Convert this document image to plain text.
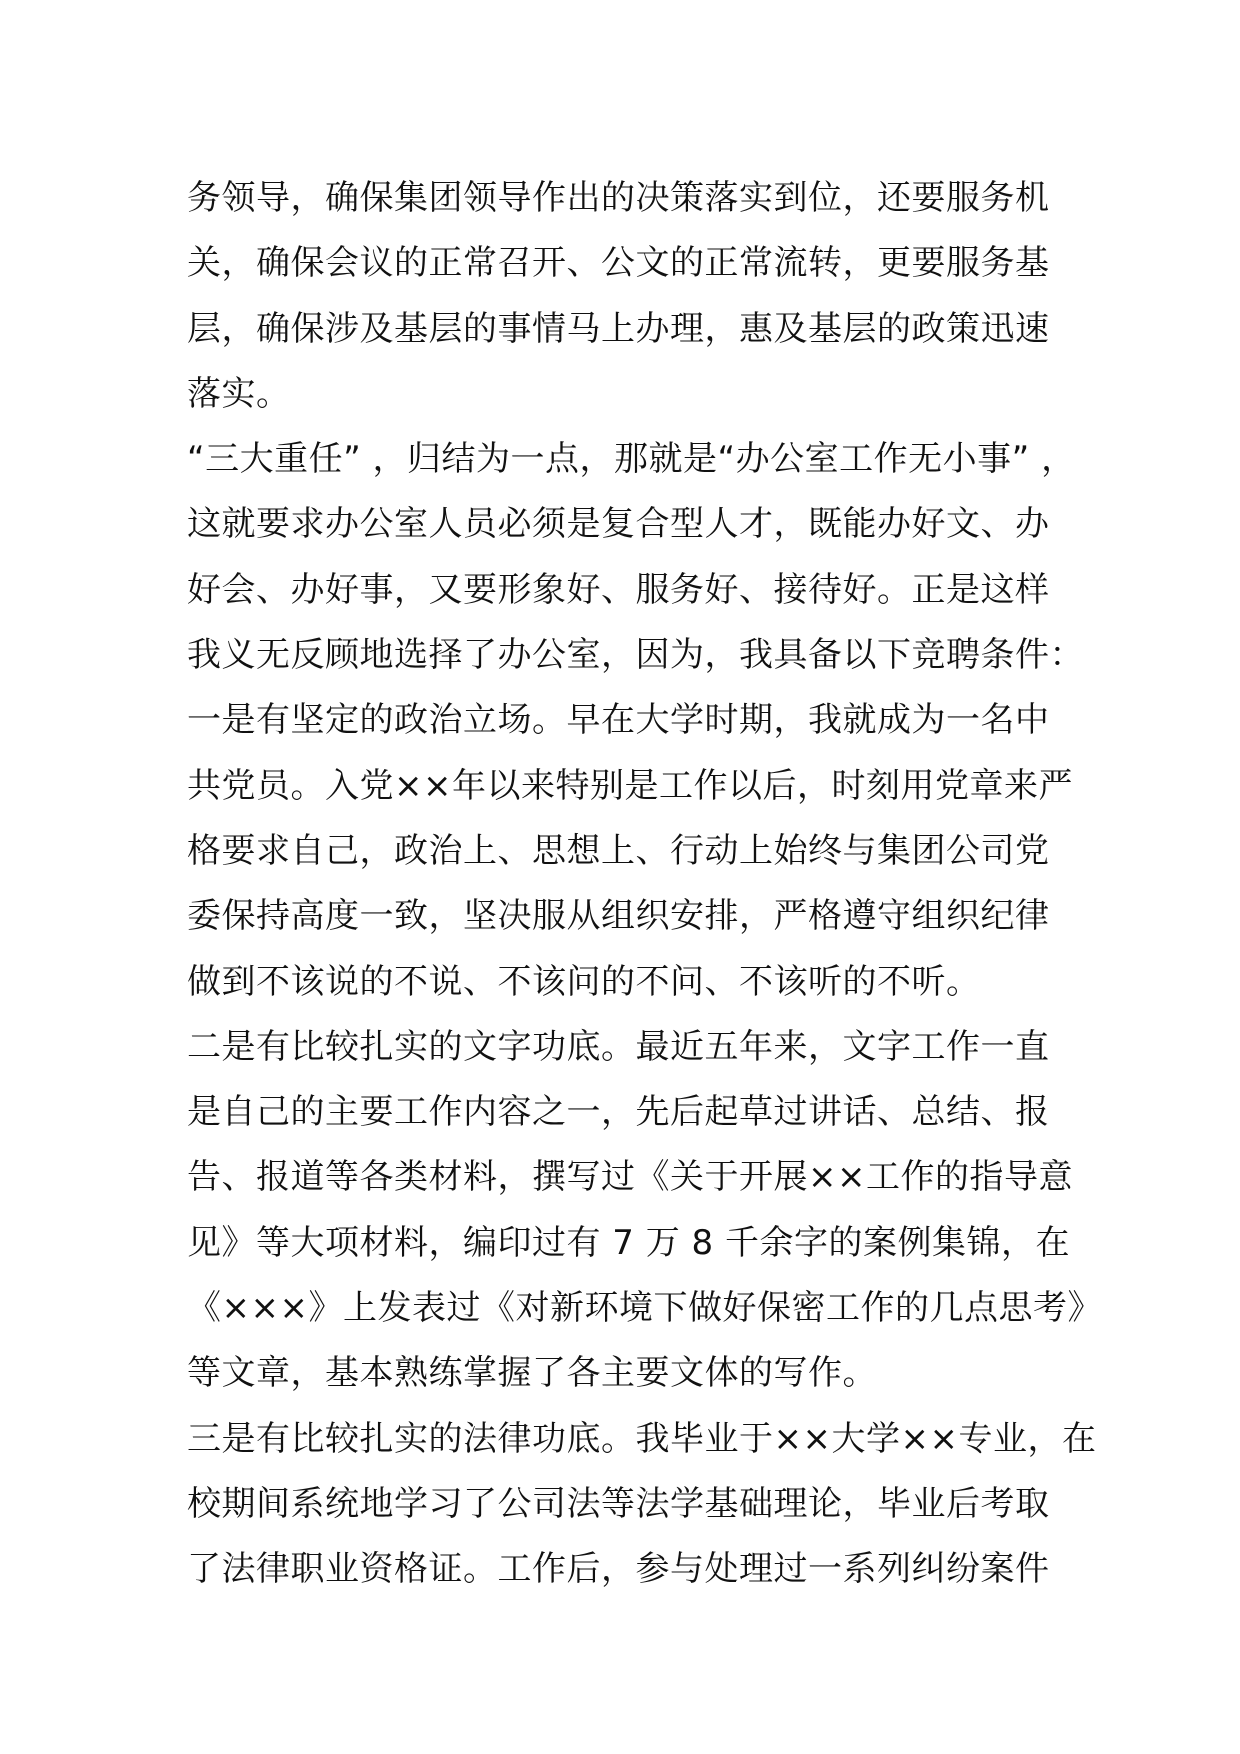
务领导，确保集团领导作出的决策落实到位，还要服务机
关，确保会议的正常召开、公文的正常流转，更要服务基
层，确保涉及基层的事情马上办理，惠及基层的政策迅速
落实。
“三大重任” ，归结为一点，那就是“办公室工作无小事” ，
这就要求办公室人员必须是复合型人才，既能办好文、办
好会、办好事，又要形象好、服务好、接待好。正是这样
我义无反顾地选择了办公室，因为，我具备以下竞聘条件：
一是有坚定的政治立场。早在大学时期，我就成为一名中
共党员。入党××年以来特别是工作以后，时刻用党章来严
格要求自己，政治上、思想上、行动上始终与集团公司党
委保持高度一致，坚决服从组织安排，严格遵守组织纪律
做到不该说的不说、不该问的不问、不该听的不听。
二是有比较扎实的文字功底。最近五年来，文字工作一直
是自己的主要工作内容之一，先后起草过讲话、总结、报
告、报道等各类材料，撰写过《关于开展××工作的指导意
见》等大项材料，编印过有 7 万 8 千余字的案例集锦，在
《×××》上发表过《对新环境下做好保密工作的几点思考》
等文章，基本熟练掌握了各主要文体的写作。
三是有比较扎实的法律功底。我毕业于××大学××专业，在
校期间系统地学习了公司法等法学基础理论，毕业后考取
了法律职业资格证。工作后，参与处理过一系列纠纷案件
